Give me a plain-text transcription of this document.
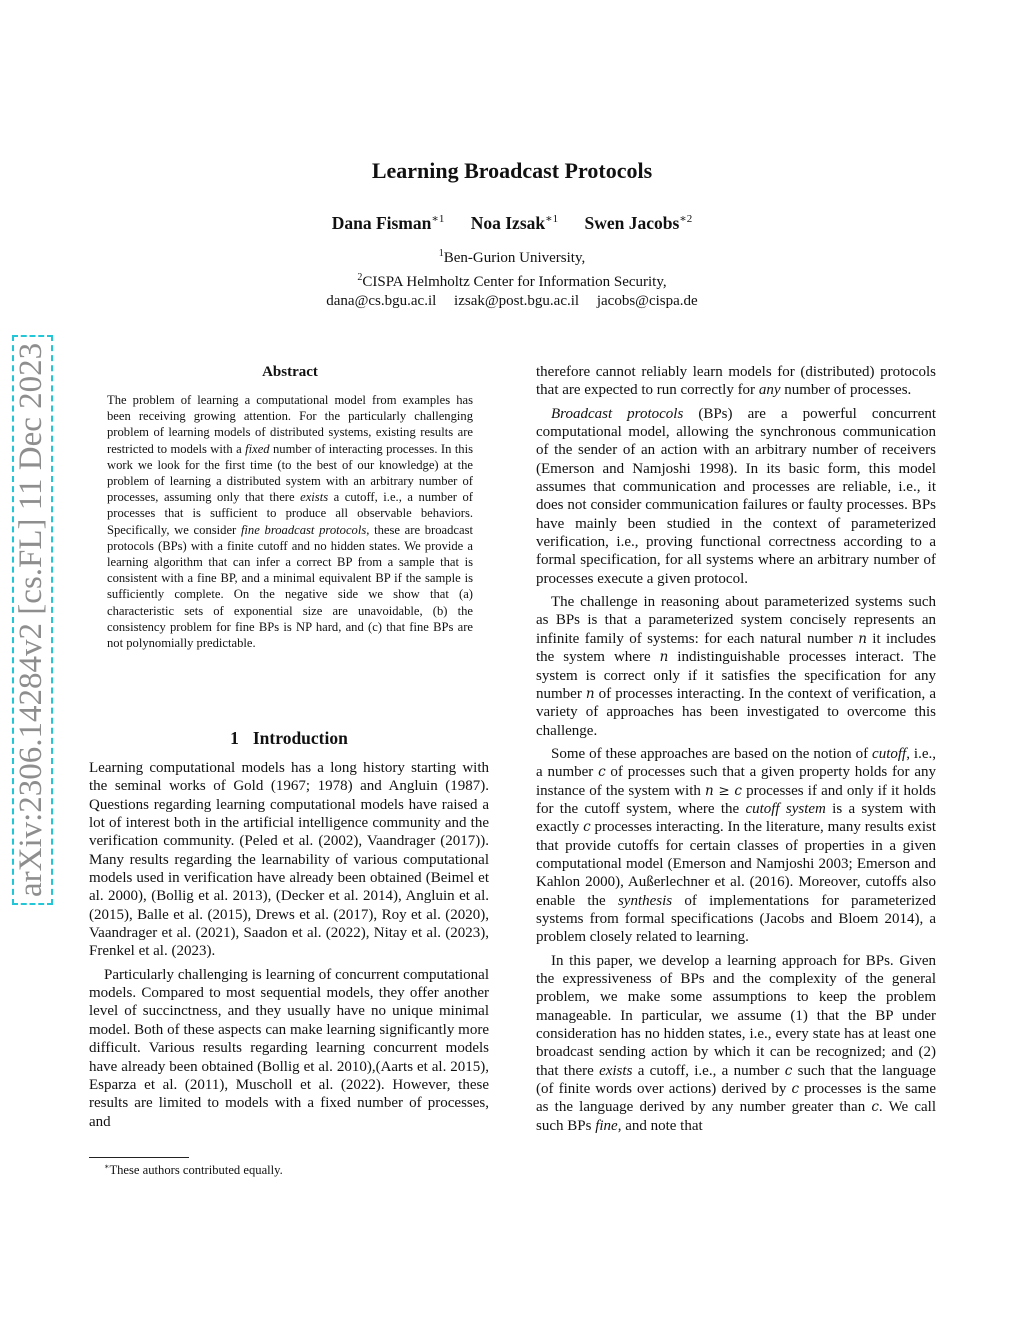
arXiv:2306.14284v2 [cs.FL] 11 Dec 2023
Learning Broadcast Protocols
Dana Fisman$^{∗1}$ Noa Izsak$^{∗1}$ Swen Jacobs$^{∗2}$
$^1$Ben-Gurion University,
$^2$CISPA Helmholtz Center for Information Security,
dana@cs.bgu.ac.il izsak@post.bgu.ac.il jacobs@cispa.de
Abstract

The problem of learning a computational model from examples has been receiving growing attention. For the particularly challenging problem of learning models of distributed systems, existing results are restricted to models with a fixed number of interacting processes. In this work we look for the first time (to the best of our knowledge) at the problem of learning a distributed system with an arbitrary number of processes, assuming only that there exists a cutoff, i.e., a number of processes that is sufficient to produce all observable behaviors. Specifically, we consider fine broadcast protocols, these are broadcast protocols (BPs) with a finite cutoff and no hidden states. We provide a learning algorithm that can infer a correct BP from a sample that is consistent with a fine BP, and a minimal equivalent BP if the sample is sufficiently complete. On the negative side we show that (a) characteristic sets of exponential size are unavoidable, (b) the consistency problem for fine BPs is NP hard, and (c) that fine BPs are not polynomially predictable.

1 Introduction

Learning computational models has a long history starting with the seminal works of Gold (1967; 1978) and Angluin (1987). Questions regarding learning computational models have raised a lot of interest both in the artificial intelligence community and the verification community. (Peled et al. (2002), Vaandrager (2017)). Many results regarding the learnability of various computational models used in verification have already been obtained (Beimel et al. 2000), (Bollig et al. 2013), (Decker et al. 2014), Angluin et al. (2015), Balle et al. (2015), Drews et al. (2017), Roy et al. (2020), Vaandrager et al. (2021), Saadon et al. (2022), Nitay et al. (2023), Frenkel et al. (2023).

Particularly challenging is learning of concurrent computational models. Compared to most sequential models, they offer another level of succinctness, and they usually have no unique minimal model. Both of these aspects can make learning significantly more difficult. Various results regarding learning concurrent models have already been obtained (Bollig et al. 2010),(Aarts et al. 2015), Esparza et al. (2011), Muscholl et al. (2022). However, these results are limited to models with a fixed number of processes, and

∗These authors contributed equally.

therefore cannot reliably learn models for (distributed) protocols that are expected to run correctly for any number of processes.

Broadcast protocols (BPs) are a powerful concurrent computational model, allowing the synchronous communication of the sender of an action with an arbitrary number of receivers (Emerson and Namjoshi 1998). In its basic form, this model assumes that communication and processes are reliable, i.e., it does not consider communication failures or faulty processes. BPs have mainly been studied in the context of parameterized verification, i.e., proving functional correctness according to a formal specification, for all systems where an arbitrary number of processes execute a given protocol.

The challenge in reasoning about parameterized systems such as BPs is that a parameterized system concisely represents an infinite family of systems: for each natural number n it includes the system where n indistinguishable processes interact. The system is correct only if it satisfies the specification for any number n of processes interacting. In the context of verification, a variety of approaches has been investigated to overcome this challenge.

Some of these approaches are based on the notion of cutoff, i.e., a number c of processes such that a given property holds for any instance of the system with n ≥ c processes if and only if it holds for the cutoff system, where the cutoff system is a system with exactly c processes interacting. In the literature, many results exist that provide cutoffs for certain classes of properties in a given computational model (Emerson and Namjoshi 2003; Emerson and Kahlon 2000), Außerlechner et al. (2016). Moreover, cutoffs also enable the synthesis of implementations for parameterized systems from formal specifications (Jacobs and Bloem 2014), a problem closely related to learning.

In this paper, we develop a learning approach for BPs. Given the expressiveness of BPs and the complexity of the general problem, we make some assumptions to keep the problem manageable. In particular, we assume (1) that the BP under consideration has no hidden states, i.e., every state has at least one broadcast sending action by which it can be recognized; and (2) that there exists a cutoff, i.e., a number c such that the language (of finite words over actions) derived by c processes is the same as the language derived by any number greater than c. We call such BPs fine, and note that
